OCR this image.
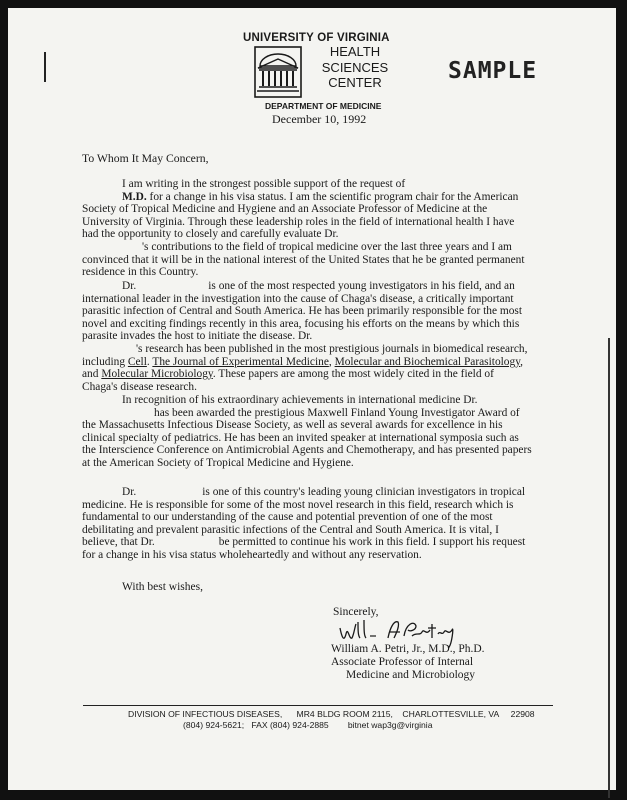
UNIVERSITY OF VIRGINIA
HEALTH
SCIENCES
CENTER	SAMPLE
DEPARTMENT OF MEDICINE
December 10, 1992
To Whom It May Concern,
I am writing in the strongest possible support of the request of
M.D. for a change in his visa status. I am the scientific program chair for the American Society of Tropical Medicine and Hygiene and an Associate Professor of Medicine at the University of Virginia. Through these leadership roles in the field of international health I have had the opportunity to closely and carefully evaluate Dr.
's contributions to the field of tropical medicine over the last three years and I am convinced that it will be in the national interest of the United States that he be granted permanent residence in this Country.
Dr.	is one of the most respected young investigators in his field, and an international leader in the investigation into the cause of Chaga's disease, a critically important parasitic infection of Central and South America. He has been primarily responsible for the most novel and exciting findings recently in this area, focusing his efforts on the means by which this parasite invades the host to initiate the disease. Dr.
's research has been published in the most prestigious journals in biomedical research, including Cell. The Journal of Experimental Medicine, Molecular and Biochemical Parasitology, and Molecular Microbiology. These papers are among the most widely cited in the field of Chaga's disease research.
In recognition of his extraordinary achievements in international medicine Dr.
has been awarded the prestigious Maxwell Finland Young Investigator Award of the Massachusetts Infectious Disease Society, as well as several awards for excellence in his clinical specialty of pediatrics. He has been an invited speaker at international symposia such as the Interscience Conference on Antimicrobial Agents and Chemotherapy, and has presented papers at the American Society of Tropical Medicine and Hygiene.
Dr.	is one of this country's leading young clinician investigators in tropical medicine. He is responsible for some of the most novel research in this field, research which is fundamental to our understanding of the cause and potential prevention of one of the most debilitating and prevalent parasitic infections of the Central and South America. It is vital, I believe, that Dr.	be permitted to continue his work in this field. I support his request for a change in his visa status wholeheartedly and without any reservation.
With best wishes,
Sincerely,
William A. Petri, Jr., M.D., Ph.D.
Associate Professor of Internal
Medicine and Microbiology
DIVISION OF INFECTIOUS DISEASES,      MR4 BLDG ROOM 2115,    CHARLOTTESVILLE, VA     22908
(804) 924-5621;   FAX (804) 924-2885        bitnet wap3g@virginia
